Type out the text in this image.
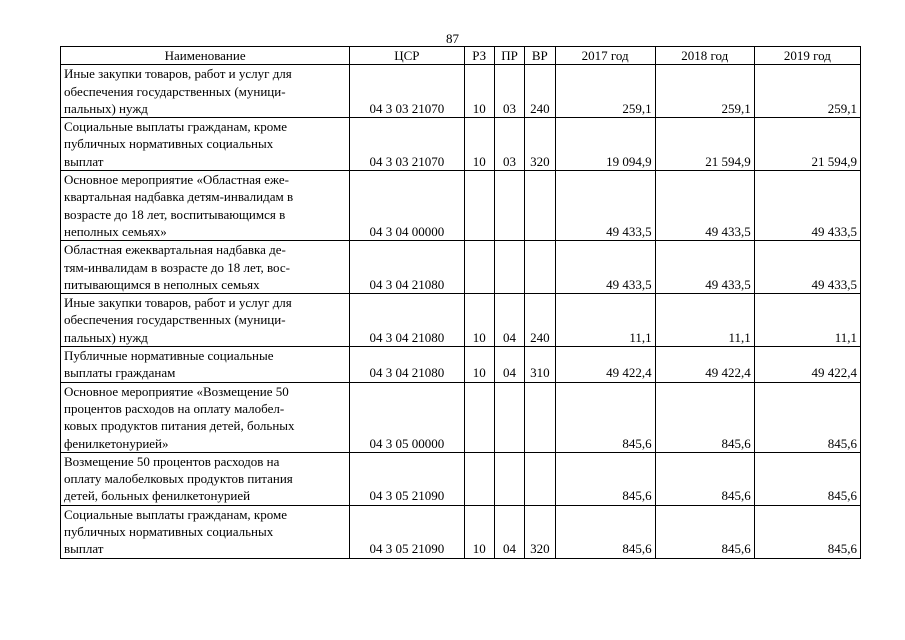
87
Наименование	ЦСР	РЗ	ПР	ВР	2017 год	2018 год	2019 год

Иные закупки товаров, работ и услуг для
обеспечения государственных (муници-
пальных) нужд	04 3 03 21070	10	03	240	259,1	259,1	259,1

Социальные выплаты гражданам, кроме
публичных нормативных социальных
выплат	04 3 03 21070	10	03	320	19 094,9	21 594,9	21 594,9

Основное мероприятие «Областная еже-
квартальная надбавка детям-инвалидам в
возрасте до 18 лет, воспитывающимся в
неполных семьях»	04 3 04 00000				49 433,5	49 433,5	49 433,5

Областная ежеквартальная надбавка де-
тям-инвалидам в возрасте до 18 лет, вос-
питывающимся в неполных семьях	04 3 04 21080				49 433,5	49 433,5	49 433,5

Иные закупки товаров, работ и услуг для
обеспечения государственных (муници-
пальных) нужд	04 3 04 21080	10	04	240	11,1	11,1	11,1

Публичные нормативные социальные
выплаты гражданам	04 3 04 21080	10	04	310	49 422,4	49 422,4	49 422,4

Основное мероприятие «Возмещение 50
процентов расходов на оплату малобел-
ковых продуктов питания детей, больных
фенилкетонурией»	04 3 05 00000				845,6	845,6	845,6

Возмещение 50 процентов расходов на
оплату малобелковых продуктов питания
детей, больных фенилкетонурией	04 3 05 21090				845,6	845,6	845,6

Социальные выплаты гражданам, кроме
публичных нормативных социальных
выплат	04 3 05 21090	10	04	320	845,6	845,6	845,6
